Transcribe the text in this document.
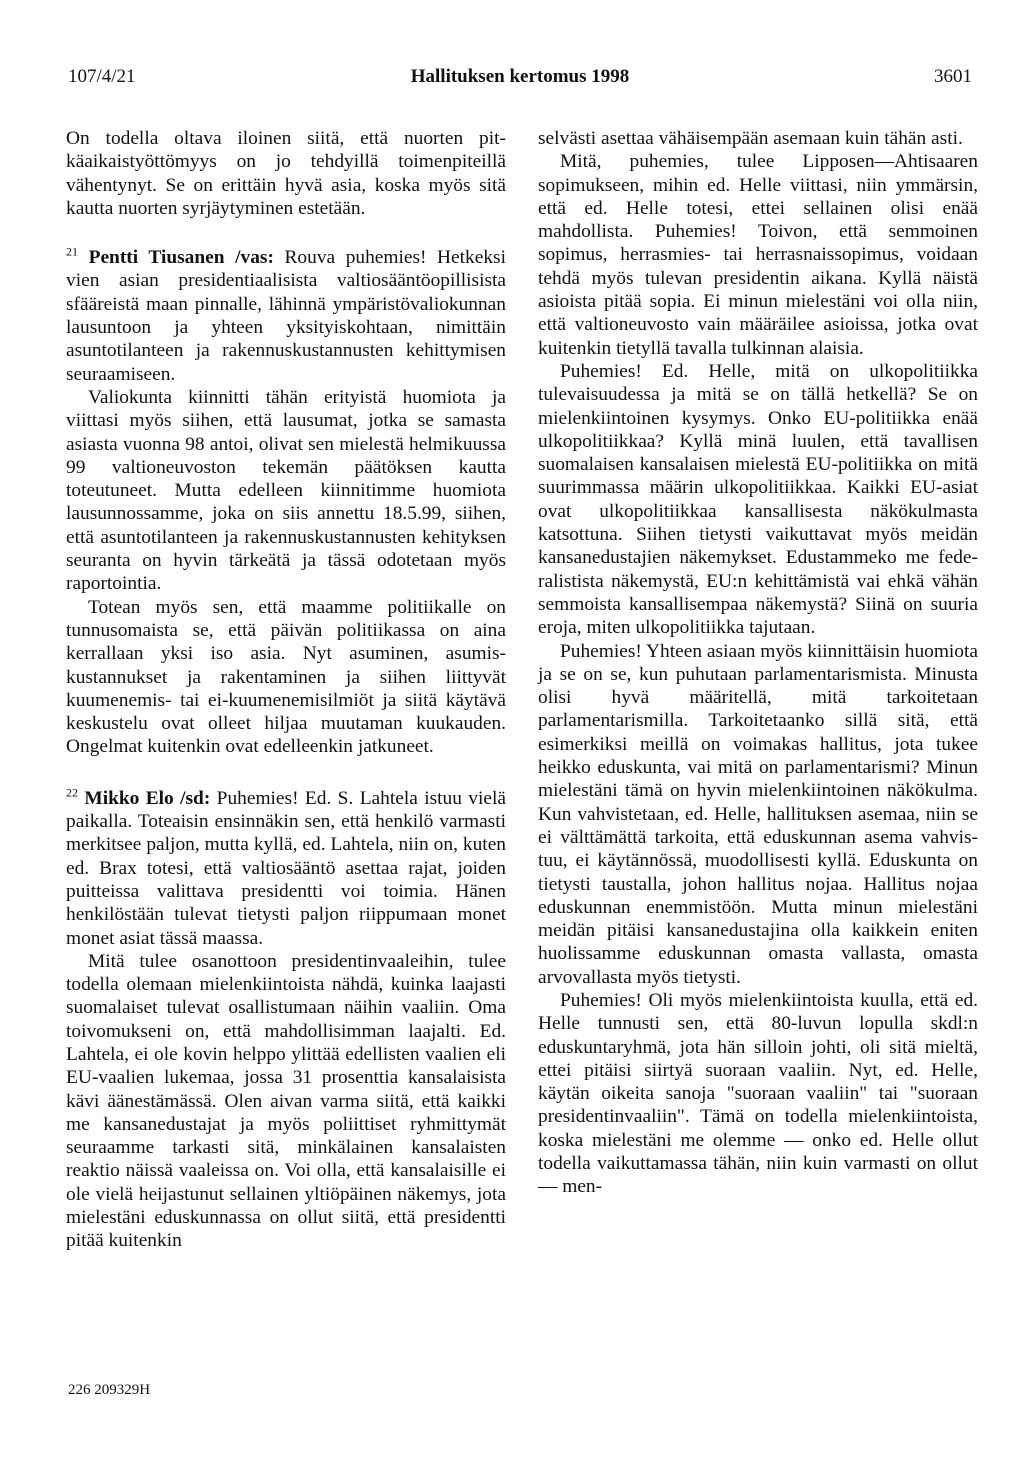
107/4/21	Hallituksen kertomus 1998	3601

On todella oltava iloinen siitä, että nuorten pitkäaikaistyöttömyys on jo tehdyillä toimenpiteillä vähentynyt. Se on erittäin hyvä asia, koska myös sitä kautta nuorten syrjäytyminen estetään.

$^{21}$ Pentti Tiusanen /vas: Rouva puhemies! Hetkeksi vien asian presidentiaalisista valtiosääntöopillisista sfääreistä maan pinnalle, lähinnä ympäristövaliokunnan lausuntoon ja yhteen yksityiskohtaan, nimittäin asuntotilanteen ja rakennuskustannusten kehittymisen seuraamiseen.

Valiokunta kiinnitti tähän erityistä huomiota ja viittasi myös siihen, että lausumat, jotka se samasta asiasta vuonna 98 antoi, olivat sen mielestä helmikuussa 99 valtioneuvoston tekemän päätöksen kautta toteutuneet. Mutta edelleen kiinnitimme huomiota lausunnossamme, joka on siis annettu 18.5.99, siihen, että asuntotilanteen ja rakennuskustannusten kehityksen seuranta on hyvin tärkeätä ja tässä odotetaan myös raportointia.

Totean myös sen, että maamme politiikalle on tunnusomaista se, että päivän politiikassa on aina kerrallaan yksi iso asia. Nyt asuminen, asumiskustannukset ja rakentaminen ja siihen liittyvät kuumenemis- tai ei-kuumenemisilmiöt ja siitä käytävä keskustelu ovat olleet hiljaa muutaman kuukauden. Ongelmat kuitenkin ovat edelleenkin jatkuneet.

$^{22}$ Mikko Elo /sd: Puhemies! Ed. S. Lahtela istuu vielä paikalla. Toteaisin ensinnäkin sen, että henkilö varmasti merkitsee paljon, mutta kyllä, ed. Lahtela, niin on, kuten ed. Brax totesi, että valtiosääntö asettaa rajat, joiden puitteissa valittava presidentti voi toimia. Hänen henkilöstään tulevat tietysti paljon riippumaan monet monet asiat tässä maassa.

Mitä tulee osanottoon presidentinvaaleihin, tulee todella olemaan mielenkiintoista nähdä, kuinka laajasti suomalaiset tulevat osallistumaan näihin vaaliin. Oma toivomukseni on, että mahdollisimman laajalti. Ed. Lahtela, ei ole kovin helppo ylittää edellisten vaalien eli EU-vaalien lukemaa, jossa 31 prosenttia kansalaisista kävi äänestämässä. Olen aivan varma siitä, että kaikki me kansanedustajat ja myös poliittiset ryhmittymät seuraamme tarkasti sitä, minkälainen kansalaisten reaktio näissä vaaleissa on. Voi olla, että kansalaisille ei ole vielä heijastunut sellainen yltiöpäinen näkemys, jota mielestäni eduskunnassa on ollut siitä, että presidentti pitää kuitenkin

selvästi asettaa vähäisempään asemaan kuin tähän asti.

Mitä, puhemies, tulee Lipposen—Ahtisaaren sopimukseen, mihin ed. Helle viittasi, niin ymmärsin, että ed. Helle totesi, ettei sellainen olisi enää mahdollista. Puhemies! Toivon, että semmoinen sopimus, herrasmies- tai herrasnaissopimus, voidaan tehdä myös tulevan presidentin aikana. Kyllä näistä asioista pitää sopia. Ei minun mielestäni voi olla niin, että valtioneuvosto vain määräilee asioissa, jotka ovat kuitenkin tietyllä tavalla tulkinnan alaisia.

Puhemies! Ed. Helle, mitä on ulkopolitiikka tulevaisuudessa ja mitä se on tällä hetkellä? Se on mielenkiintoinen kysymys. Onko EU-politiikka enää ulkopolitiikkaa? Kyllä minä luulen, että tavallisen suomalaisen kansalaisen mielestä EU-politiikka on mitä suurimmassa määrin ulkopolitiikkaa. Kaikki EU-asiat ovat ulkopolitiikkaa kansallisesta näkökulmasta katsottuna. Siihen tietysti vaikuttavat myös meidän kansanedustajien näkemykset. Edustammeko me federalistista näkemystä, EU:n kehittämistä vai ehkä vähän semmoista kansallisempaa näkemystä? Siinä on suuria eroja, miten ulkopolitiikka tajutaan.

Puhemies! Yhteen asiaan myös kiinnittäisin huomiota ja se on se, kun puhutaan parlamentarismista. Minusta olisi hyvä määritellä, mitä tarkoitetaan parlamentarismilla. Tarkoitetaanko sillä sitä, että esimerkiksi meillä on voimakas hallitus, jota tukee heikko eduskunta, vai mitä on parlamentarismi? Minun mielestäni tämä on hyvin mielenkiintoinen näkökulma. Kun vahvistetaan, ed. Helle, hallituksen asemaa, niin se ei välttämättä tarkoita, että eduskunnan asema vahvistuu, ei käytännössä, muodollisesti kyllä. Eduskunta on tietysti taustalla, johon hallitus nojaa. Hallitus nojaa eduskunnan enemmistöön. Mutta minun mielestäni meidän pitäisi kansanedustajina olla kaikkein eniten huolissamme eduskunnan omasta vallasta, omasta arvovallasta myös tietysti.

Puhemies! Oli myös mielenkiintoista kuulla, että ed. Helle tunnusti sen, että 80-luvun lopulla skdl:n eduskuntaryhmä, jota hän silloin johti, oli sitä mieltä, ettei pitäisi siirtyä suoraan vaaliin. Nyt, ed. Helle, käytän oikeita sanoja "suoraan vaaliin" tai "suoraan presidentinvaaliin". Tämä on todella mielenkiintoista, koska mielestäni me olemme — onko ed. Helle ollut todella vaikuttamassa tähän, niin kuin varmasti on ollut — men-

226 209329H
